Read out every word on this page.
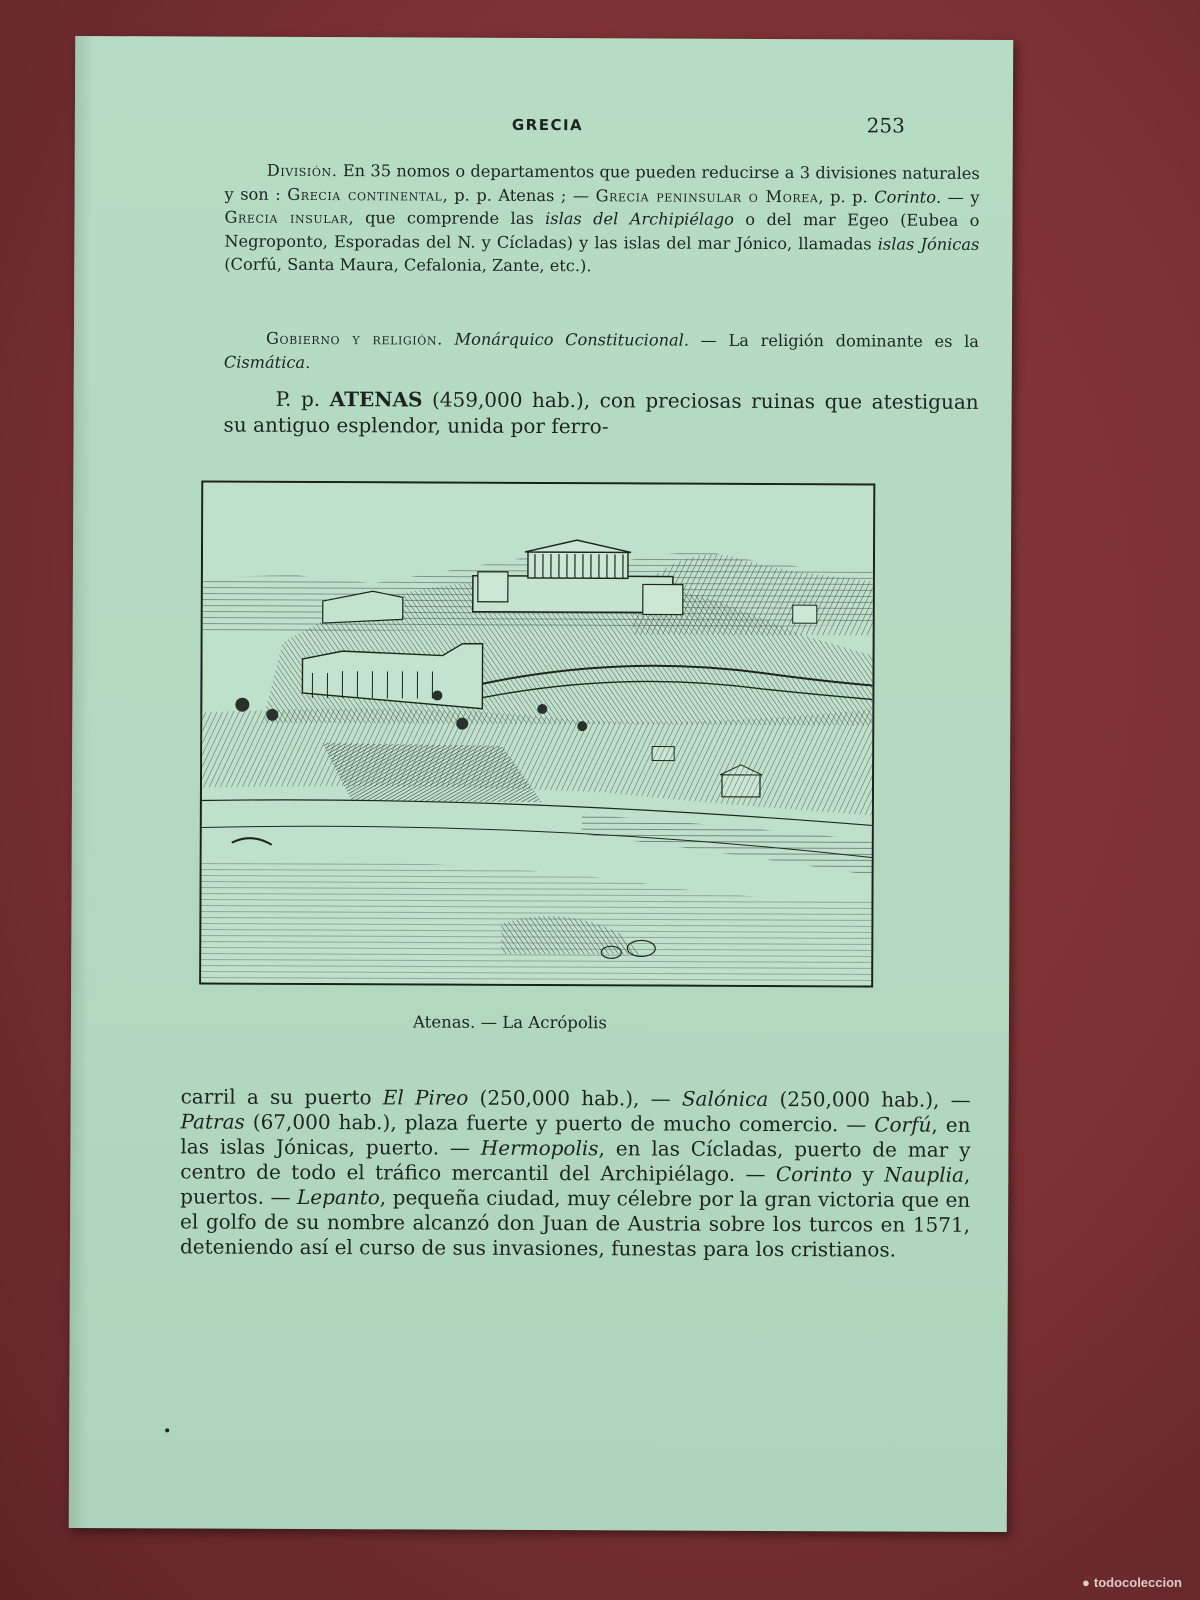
GRECIA	253

División. En 35 nomos o departamentos que pueden reducirse a 3 divisiones naturales y son : Grecia continental, p. p. Atenas ; — Grecia peninsular o Morea, p. p. Corinto. — y Grecia insular, que comprende las islas del Archipiélago o del mar Egeo (Eubea o Negroponto, Esporadas del N. y Cícladas) y las islas del mar Jónico, llamadas islas Jónicas (Corfú, Santa Maura, Cefalonia, Zante, etc.).

Gobierno y religión. Monárquico Constitucional. — La religión dominante es la Cismática.

P. p. ATENAS (459,000 hab.), con preciosas ruinas que atestiguan su antiguo esplendor, unida por ferro-

Atenas. — La Acrópolis

carril a su puerto El Pireo (250,000 hab.), — Salónica (250,000 hab.), — Patras (67,000 hab.), plaza fuerte y puerto de mucho comercio. — Corfú, en las islas Jónicas, puerto. — Hermopolis, en las Cícladas, puerto de mar y centro de todo el tráfico mercantil del Archipiélago. — Corinto y Nauplia, puertos. — Lepanto, pequeña ciudad, muy célebre por la gran victoria que en el golfo de su nombre alcanzó don Juan de Austria sobre los turcos en 1571, deteniendo así el curso de sus invasiones, funestas para los cristianos.

● todocoleccion
